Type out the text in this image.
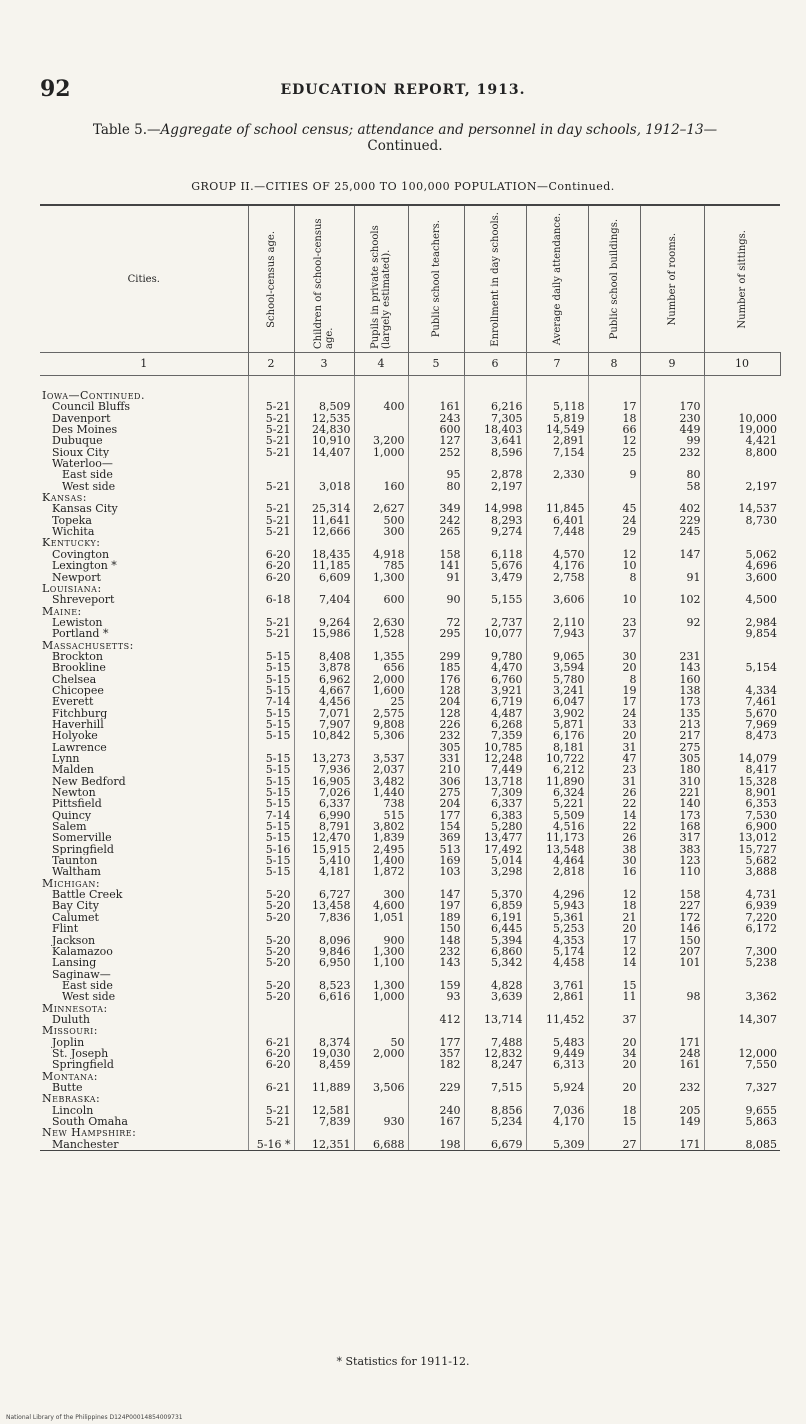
92	EDUCATION REPORT, 1913.
Table 5.—Aggregate of school census; attendance and personnel in day schools, 1912–13—
Continued.
GROUP II.—CITIES OF 25,000 TO 100,000 POPULATION—Continued.
Cities.	School-census age.	Children of school-census age.	Pupils in private schools (largely estimated).	Public school teachers.	Enrollment in day schools.	Average daily attendance.	Public school buildings.	Number of rooms.	Number of sittings.

1	2	3	4	5	6	7	8	9	10
Iowa—Continued.									
Council Bluffs	5-21	8,509	400	161	6,216	5,118	17	170	
Davenport	5-21	12,535		243	7,305	5,819	18	230	10,000
Des Moines	5-21	24,830		600	18,403	14,549	66	449	19,000
Dubuque	5-21	10,910	3,200	127	3,641	2,891	12	99	4,421
Sioux City	5-21	14,407	1,000	252	8,596	7,154	25	232	8,800
Waterloo—									
East side				95	2,878	2,330	9	80	
West side	5-21	3,018	160	80	2,197			58	2,197
Kansas:									
Kansas City	5-21	25,314	2,627	349	14,998	11,845	45	402	14,537
Topeka	5-21	11,641	500	242	8,293	6,401	24	229	8,730
Wichita	5-21	12,666	300	265	9,274	7,448	29	245	
Kentucky:									
Covington	6-20	18,435	4,918	158	6,118	4,570	12	147	5,062
Lexington *	6-20	11,185	785	141	5,676	4,176	10		4,696
Newport	6-20	6,609	1,300	91	3,479	2,758	8	91	3,600
Louisiana:									
Shreveport	6-18	7,404	600	90	5,155	3,606	10	102	4,500
Maine:									
Lewiston	5-21	9,264	2,630	72	2,737	2,110	23	92	2,984
Portland *	5-21	15,986	1,528	295	10,077	7,943	37		9,854
Massachusetts:									
Brockton	5-15	8,408	1,355	299	9,780	9,065	30	231	
Brookline	5-15	3,878	656	185	4,470	3,594	20	143	5,154
Chelsea	5-15	6,962	2,000	176	6,760	5,780	8	160	
Chicopee	5-15	4,667	1,600	128	3,921	3,241	19	138	4,334
Everett	7-14	4,456	25	204	6,719	6,047	17	173	7,461
Fitchburg	5-15	7,071	2,575	128	4,487	3,902	24	135	5,670
Haverhill	5-15	7,907	9,808	226	6,268	5,871	33	213	7,969
Holyoke	5-15	10,842	5,306	232	7,359	6,176	20	217	8,473
Lawrence				305	10,785	8,181	31	275	
Lynn	5-15	13,273	3,537	331	12,248	10,722	47	305	14,079
Malden	5-15	7,936	2,037	210	7,449	6,212	23	180	8,417
New Bedford	5-15	16,905	3,482	306	13,718	11,890	31	310	15,328
Newton	5-15	7,026	1,440	275	7,309	6,324	26	221	8,901
Pittsfield	5-15	6,337	738	204	6,337	5,221	22	140	6,353
Quincy	7-14	6,990	515	177	6,383	5,509	14	173	7,530
Salem	5-15	8,791	3,802	154	5,280	4,516	22	168	6,900
Somerville	5-15	12,470	1,839	369	13,477	11,173	26	317	13,012
Springfield	5-16	15,915	2,495	513	17,492	13,548	38	383	15,727
Taunton	5-15	5,410	1,400	169	5,014	4,464	30	123	5,682
Waltham	5-15	4,181	1,872	103	3,298	2,818	16	110	3,888
Michigan:									
Battle Creek	5-20	6,727	300	147	5,370	4,296	12	158	4,731
Bay City	5-20	13,458	4,600	197	6,859	5,943	18	227	6,939
Calumet	5-20	7,836	1,051	189	6,191	5,361	21	172	7,220
Flint				150	6,445	5,253	20	146	6,172
Jackson	5-20	8,096	900	148	5,394	4,353	17	150	
Kalamazoo	5-20	9,846	1,300	232	6,860	5,174	12	207	7,300
Lansing	5-20	6,950	1,100	143	5,342	4,458	14	101	5,238
Saginaw—									
East side	5-20	8,523	1,300	159	4,828	3,761	15		
West side	5-20	6,616	1,000	93	3,639	2,861	11	98	3,362
Minnesota:									
Duluth				412	13,714	11,452	37		14,307
Missouri:									
Joplin	6-21	8,374	50	177	7,488	5,483	20	171	
St. Joseph	6-20	19,030	2,000	357	12,832	9,449	34	248	12,000
Springfield	6-20	8,459		182	8,247	6,313	20	161	7,550
Montana:									
Butte	6-21	11,889	3,506	229	7,515	5,924	20	232	7,327
Nebraska:									
Lincoln	5-21	12,581		240	8,856	7,036	18	205	9,655
South Omaha	5-21	7,839	930	167	5,234	4,170	15	149	5,863
New Hampshire:									
Manchester	5-16 *	12,351	6,688	198	6,679	5,309	27	171	8,085
* Statistics for 1911-12.
National Library of the Philippines D124P00014854009731
